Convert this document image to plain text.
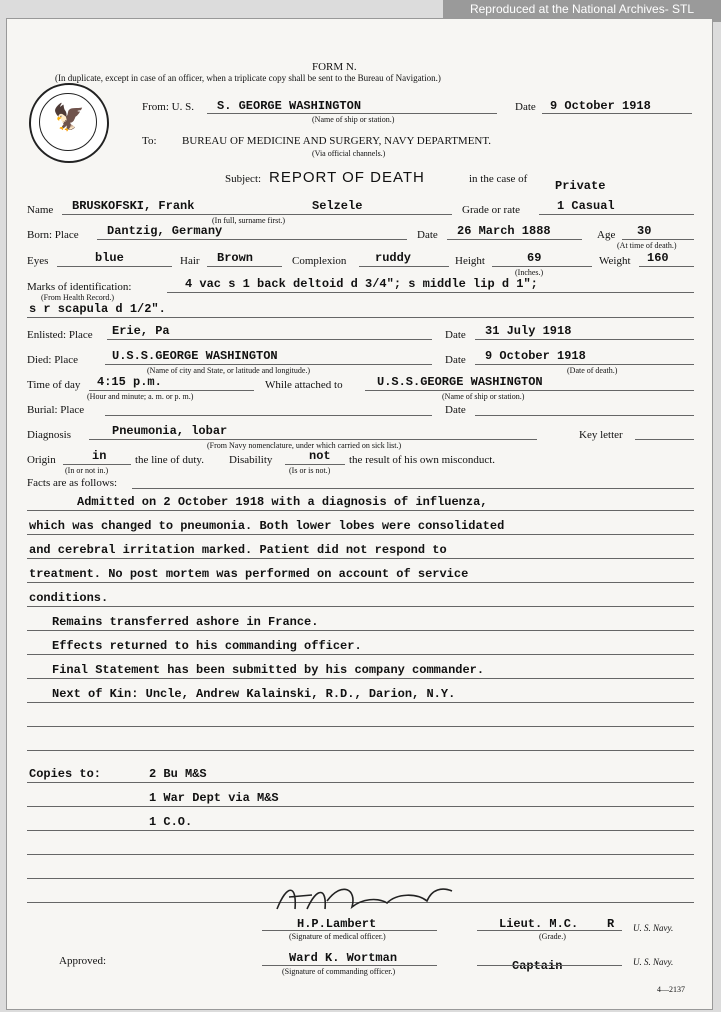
Reproduced at the National Archives- STL
FORM N.
(In duplicate, except in case of an officer, when a triplicate copy shall be sent to the Bureau of Navigation.)
🦅	From: U. S. S. GEORGE WASHINGTON
(Name of ship or station.)
Date 9 October 1918
To: BUREAU OF MEDICINE AND SURGERY, NAVY DEPARTMENT.
(Via official channels.)
Subject: REPORT OF DEATH	in the case of Private
Name BRUSKOFSKI, Frank	Selzele
(In full, surname first.)
Grade or rate	1 Casual
Born: Place Dantzig, Germany	Date 26 March 1888	Age 30
(At time of death.)
Eyes	blue	Hair Brown	Complexion ruddy	Height	69
(Inches.)
Weight 160
Marks of identification:
(From Health Record.)
4 vac s 1 back deltoid d 3/4"; s middle lip d 1";
s r scapula d 1/2".
Enlisted: Place Erie, Pa	Date 31 July 1918
Died: Place	U.S.S.GEORGE WASHINGTON
(Name of city and State, or latitude and longitude.)
Date 9 October 1918
(Date of death.)
Time of day 4:15 p.m.
(Hour and minute; a. m. or p. m.)
While attached to	U.S.S.GEORGE WASHINGTON
(Name of ship or station.)
Burial: Place	Date
Diagnosis	Pneumonia, lobar
(From Navy nomenclature, under which carried on sick list.)
Key letter
Origin	in
(In or not in.)
the line of duty. Disability	not
(Is or is not.)
the result of his own misconduct.
Facts are as follows:
Admitted on 2 October 1918 with a diagnosis of influenza,
which was changed to pneumonia. Both lower lobes were consolidated
and cerebral irritation marked. Patient did not respond to
treatment. No post mortem was performed on account of service
conditions.
Remains transferred ashore in France.
Effects returned to his commanding officer.
Final Statement has been submitted by his company commander.
Next of Kin: Uncle, Andrew Kalainski, R.D., Darion, N.Y.
Copies to:	2 Bu M&S
1 War Dept via M&S
1 C.O.
H.P.Lambert
(Signature of medical officer.)
Lieut. M.C. R
(Grade.)
U. S. Navy.
Approved:	Ward K. Wortman
(Signature of commanding officer.)	Captain	U. S. Navy.
4—2137
